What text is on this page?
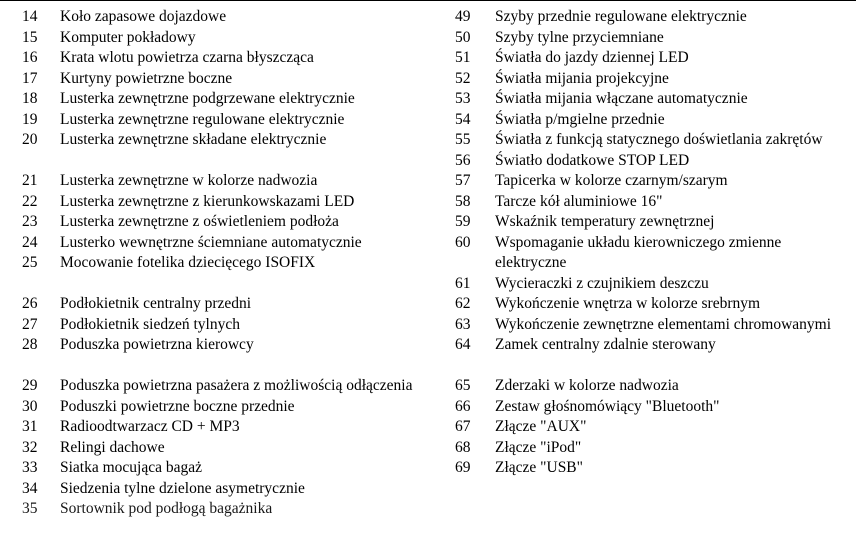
14	Koło zapasowe dojazdowe
15	Komputer pokładowy
16	Krata wlotu powietrza czarna błyszcząca
17	Kurtyny powietrzne boczne
18	Lusterka zewnętrzne podgrzewane elektrycznie
19	Lusterka zewnętrzne regulowane elektrycznie
20	Lusterka zewnętrzne składane elektrycznie
21	Lusterka zewnętrzne w kolorze nadwozia
22	Lusterka zewnętrzne z kierunkowskazami LED
23	Lusterka zewnętrzne z oświetleniem podłoża
24	Lusterko wewnętrzne ściemniane automatycznie
25	Mocowanie fotelika dziecięcego ISOFIX
26	Podłokietnik centralny przedni
27	Podłokietnik siedzeń tylnych
28	Poduszka powietrzna kierowcy
29	Poduszka powietrzna pasażera z możliwością odłączenia
30	Poduszki powietrzne boczne przednie
31	Radioodtwarzacz CD + MP3
32	Relingi dachowe
33	Siatka mocująca bagaż
34	Siedzenia tylne dzielone asymetrycznie
35	Sortownik pod podłogą bagażnika
49	Szyby przednie regulowane elektrycznie
50	Szyby tylne przyciemniane
51	Światła do jazdy dziennej LED
52	Światła mijania projekcyjne
53	Światła mijania włączane automatycznie
54	Światła p/mgielne przednie
55	Światła z funkcją statycznego doświetlania zakrętów
56	Światło dodatkowe STOP LED
57	Tapicerka w kolorze czarnym/szarym
58	Tarcze kół aluminiowe 16"
59	Wskaźnik temperatury zewnętrznej
60	Wspomaganie układu kierowniczego zmienne elektryczne
61	Wycieraczki z czujnikiem deszczu
62	Wykończenie wnętrza w kolorze srebrnym
63	Wykończenie zewnętrzne elementami chromowanymi
64	Zamek centralny zdalnie sterowany
65	Zderzaki w kolorze nadwozia
66	Zestaw głośnomówiący "Bluetooth"
67	Złącze "AUX"
68	Złącze "iPod"
69	Złącze "USB"
